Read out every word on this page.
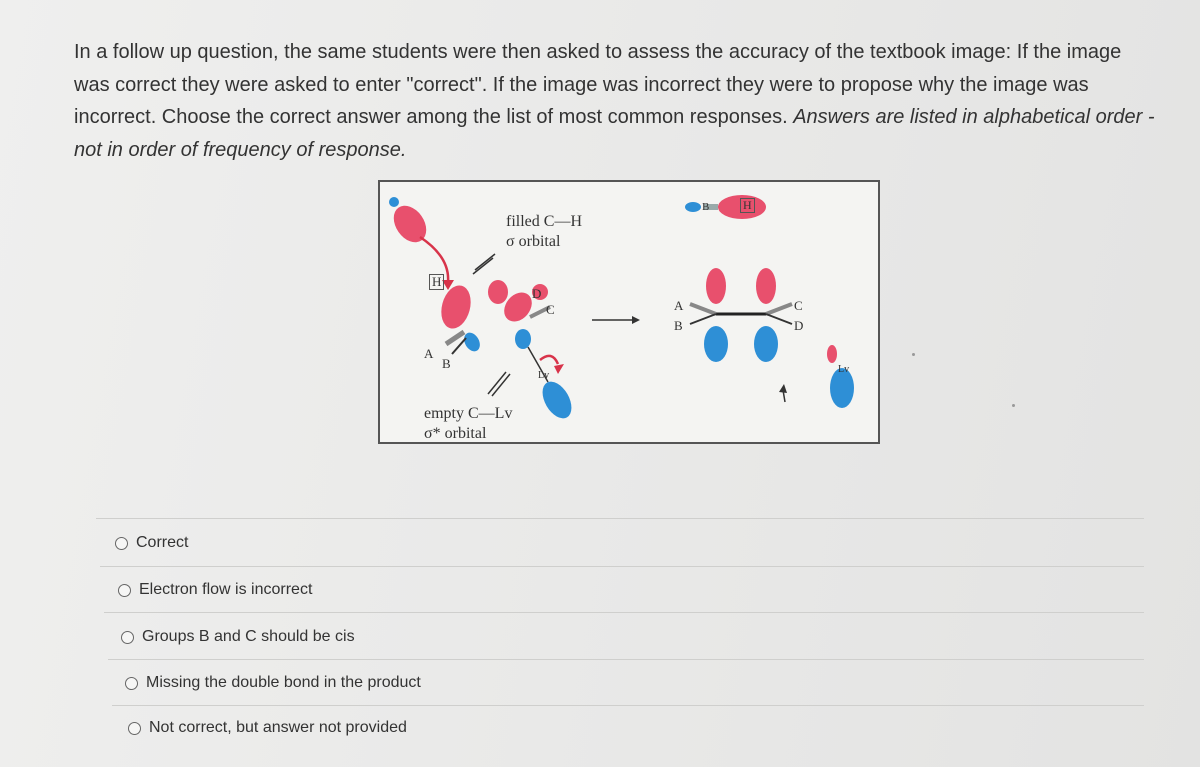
In a follow up question, the same students were then asked to assess the accuracy of the textbook image: If the image
was correct they were asked to enter "correct". If the image was incorrect they were to propose why the image was
incorrect. Choose the correct answer among the list of most common responses. Answers are listed in alphabetical order -
not in order of frequency of response.
filled C—H
σ orbital
empty C—Lv
σ* orbital
H
A
B
D
C
Lv
B	H
A
B
C
D
Lv
Correct
Electron flow is incorrect
Groups B and C should be cis
Missing the double bond in the product
Not correct, but answer not provided
